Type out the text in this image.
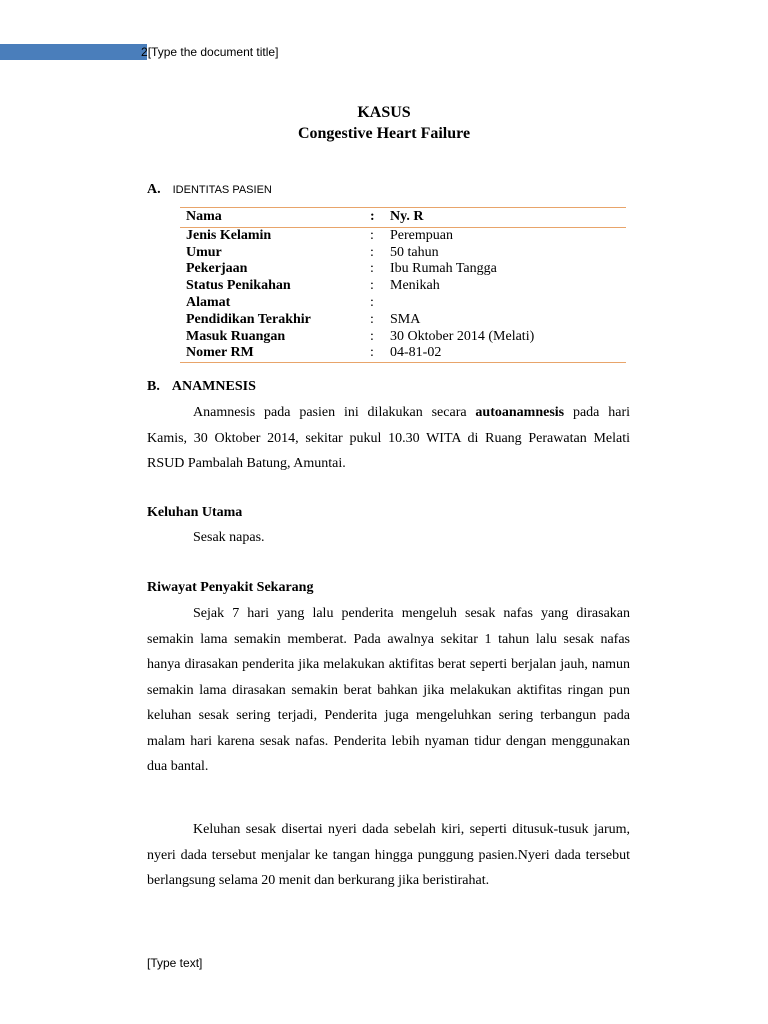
2[Type the document title]
KASUS
Congestive Heart Failure
A. IDENTITAS PASIEN
Nama	:	Ny. R
Jenis Kelamin	:	Perempuan
Umur	:	50 tahun
Pekerjaan	:	Ibu Rumah Tangga
Status Penikahan	:	Menikah
Alamat	:	
Pendidikan Terakhir	:	SMA
Masuk Ruangan	:	30 Oktober 2014 (Melati)
Nomer RM	:	04-81-02
B. ANAMNESIS
Anamnesis pada pasien ini dilakukan secara autoanamnesis pada hari Kamis, 30 Oktober 2014, sekitar pukul 10.30 WITA di Ruang Perawatan Melati RSUD Pambalah Batung, Amuntai.
Keluhan Utama
Sesak napas.
Riwayat Penyakit Sekarang
Sejak 7 hari yang lalu penderita mengeluh sesak nafas yang dirasakan semakin lama semakin memberat. Pada awalnya sekitar 1 tahun lalu sesak nafas hanya dirasakan penderita jika melakukan aktifitas berat seperti berjalan jauh, namun semakin lama dirasakan semakin berat bahkan jika melakukan aktifitas ringan pun keluhan sesak sering terjadi, Penderita juga mengeluhkan sering terbangun pada malam hari karena sesak nafas. Penderita lebih nyaman tidur dengan menggunakan dua bantal.
Keluhan sesak disertai nyeri dada sebelah kiri, seperti ditusuk-tusuk jarum, nyeri dada tersebut menjalar ke tangan hingga punggung pasien.Nyeri dada tersebut berlangsung selama 20 menit dan berkurang jika beristirahat.
[Type text]
